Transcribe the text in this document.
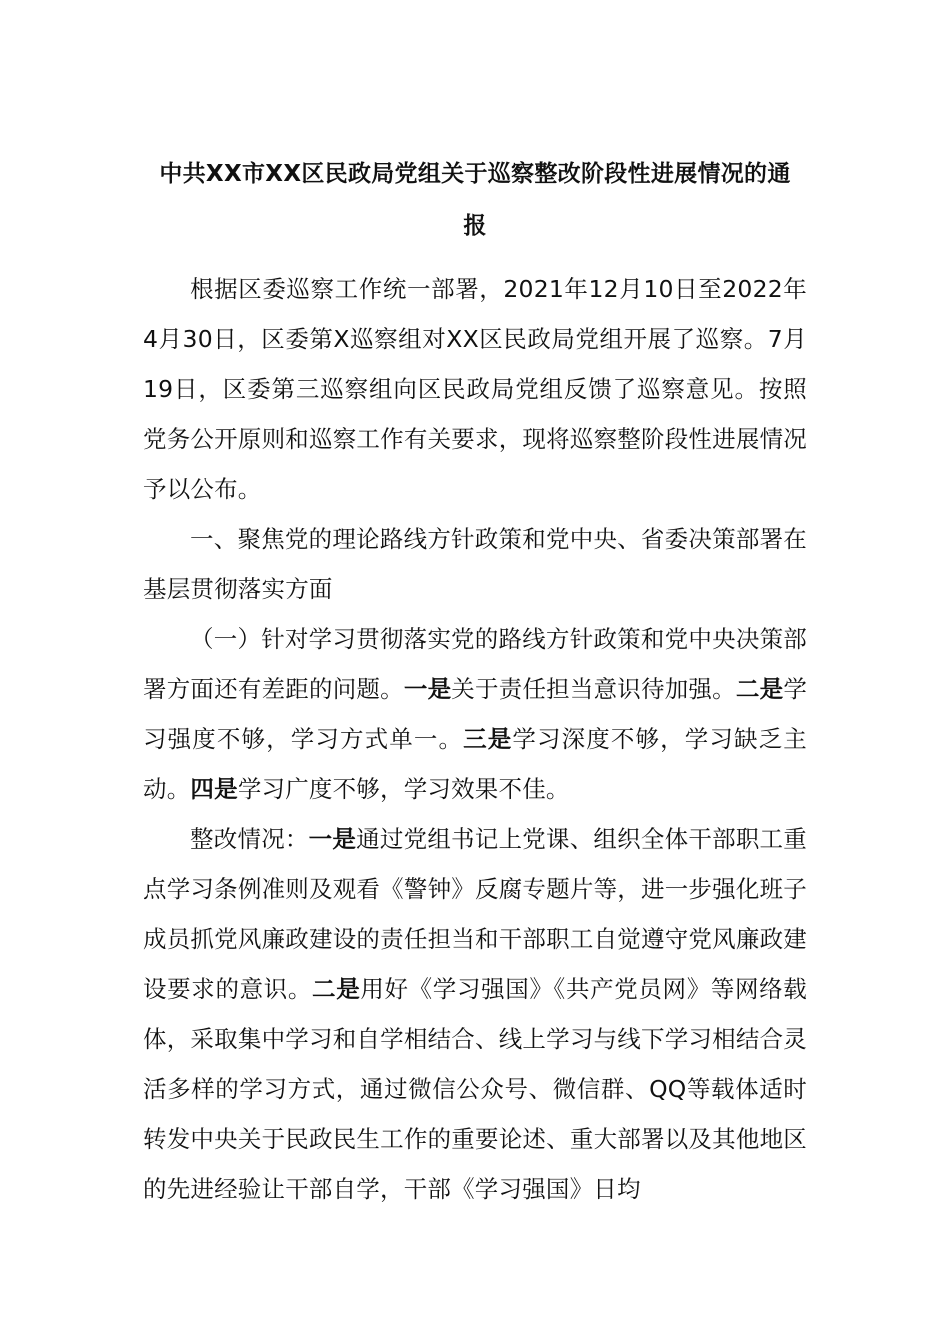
中共XX市XX区民政局党组关于巡察整改阶段性进展情况的通
报

根据区委巡察工作统一部署，2021年12月10日至2022年4月30日，区委第X巡察组对XX区民政局党组开展了巡察。7月19日，区委第三巡察组向区民政局党组反馈了巡察意见。按照党务公开原则和巡察工作有关要求，现将巡察整阶段性进展情况予以公布。

一、聚焦党的理论路线方针政策和党中央、省委决策部署在基层贯彻落实方面

（一）针对学习贯彻落实党的路线方针政策和党中央决策部署方面还有差距的问题。一是关于责任担当意识待加强。二是学习强度不够，学习方式单一。三是学习深度不够，学习缺乏主动。四是学习广度不够，学习效果不佳。

整改情况：一是通过党组书记上党课、组织全体干部职工重点学习条例准则及观看《警钟》反腐专题片等，进一步强化班子成员抓党风廉政建设的责任担当和干部职工自觉遵守党风廉政建设要求的意识。二是用好《学习强国》《共产党员网》等网络载体，采取集中学习和自学相结合、线上学习与线下学习相结合灵活多样的学习方式，通过微信公众号、微信群、QQ等载体适时转发中央关于民政民生工作的重要论述、重大部署以及其他地区的先进经验让干部自学，干部《学习强国》日均
